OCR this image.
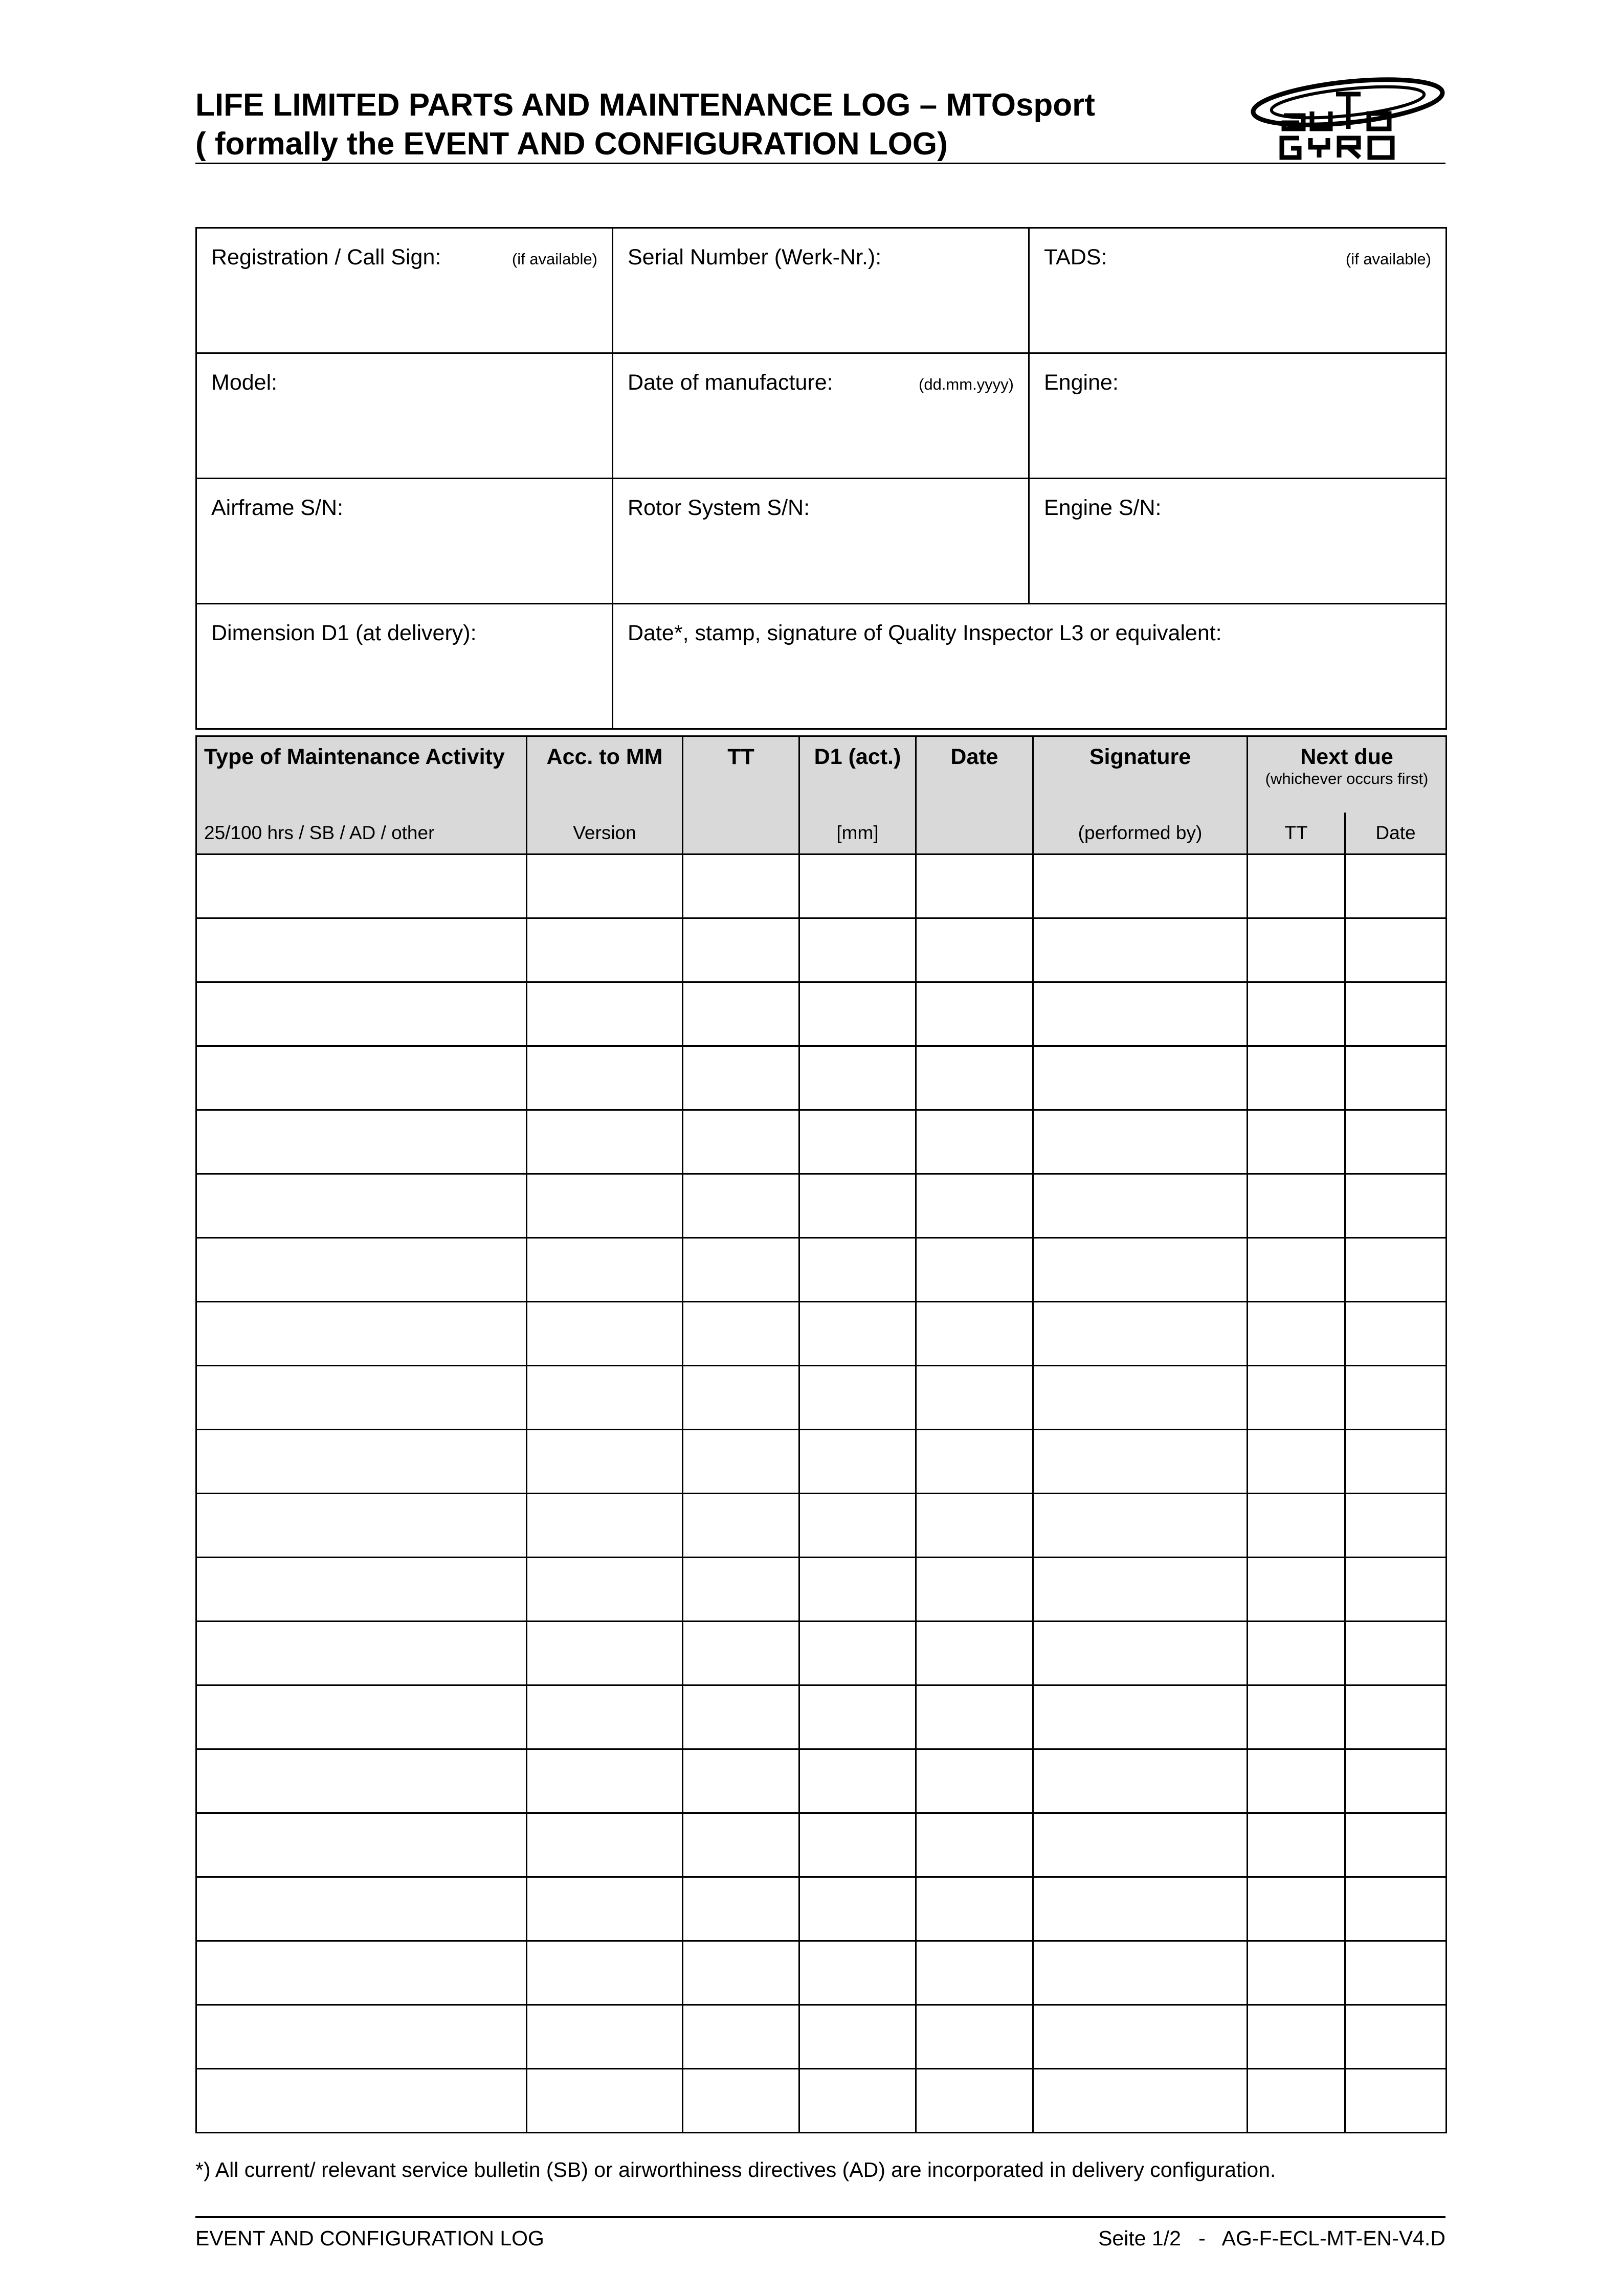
LIFE LIMITED PARTS AND MAINTENANCE LOG – MTOsport
( formally the EVENT AND CONFIGURATION LOG)
auto GYRO
Registration / Call Sign: (if available)	Serial Number (Werk-Nr.):	TADS: (if available)

Model:	Date of manufacture: (dd.mm.yyyy)	Engine:
Airframe S/N:	Rotor System S/N:	Engine S/N:
Dimension D1 (at delivery):	Date*, stamp, signature of Quality Inspector L3 or equivalent:	
Type of Maintenance Activity	Acc. to MM	TT	D1 (act.)	Date	Signature	Next due
(whichever occurs first)	

25/100 hrs / SB / AD / other	Version		[mm]		(performed by)	TT	Date

*) All current/ relevant service bulletin (SB) or airworthiness directives (AD) are incorporated in delivery configuration.
EVENT AND CONFIGURATION LOG	Seite 1/2   -   AG-F-ECL-MT-EN-V4.D
